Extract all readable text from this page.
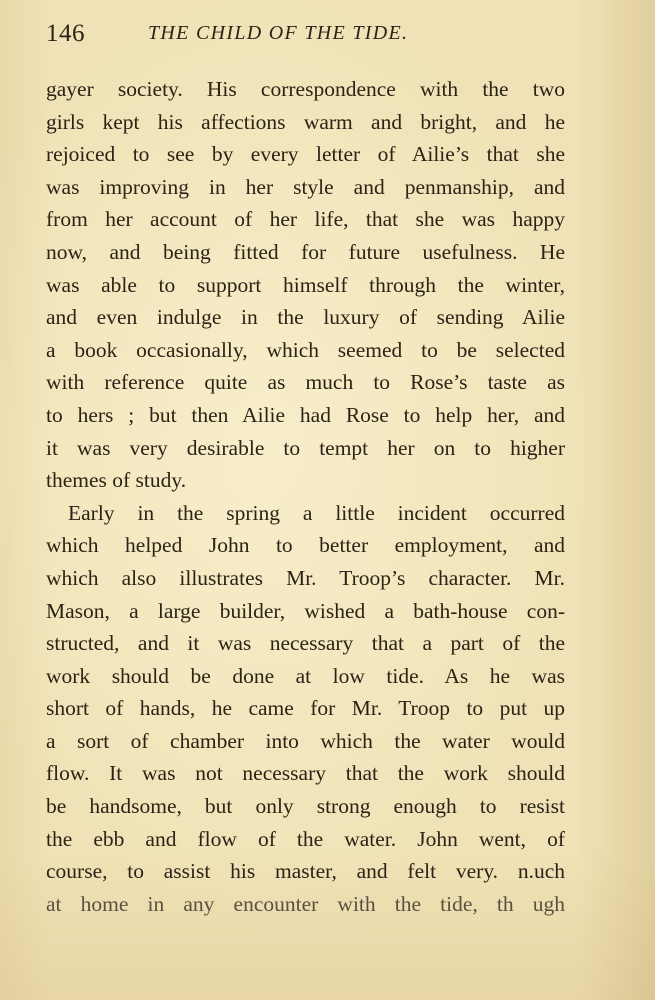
146	THE CHILD OF THE TIDE.
gayer society. His correspondence with the two
girls kept his affections warm and bright, and he
rejoiced to see by every letter of Ailie’s that she
was improving in her style and penmanship, and
from her account of her life, that she was happy
now, and being fitted for future usefulness. He
was able to support himself through the winter,
and even indulge in the luxury of sending Ailie
a book occasionally, which seemed to be selected
with reference quite as much to Rose’s taste as
to hers ; but then Ailie had Rose to help her, and
it was very desirable to tempt her on to higher
themes of study.
Early in the spring a little incident occurred
which helped John to better employment, and
which also illustrates Mr. Troop’s character. Mr.
Mason, a large builder, wished a bath-house con-
structed, and it was necessary that a part of the
work should be done at low tide. As he was
short of hands, he came for Mr. Troop to put up
a sort of chamber into which the water would
flow. It was not necessary that the work should
be handsome, but only strong enough to resist
the ebb and flow of the water. John went, of
course, to assist his master, and felt very. n.uch
at home in any encounter with the tide, th ugh
